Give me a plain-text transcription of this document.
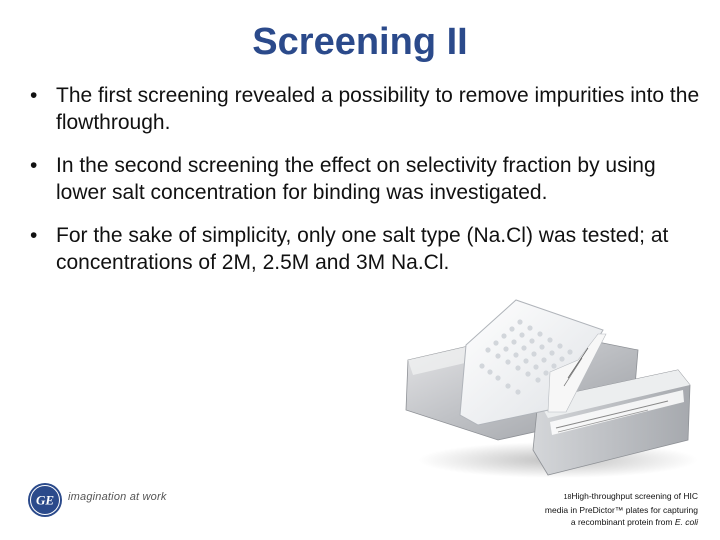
Screening II
• The first screening revealed a possibility to remove impurities into the flowthrough.
• In the second screening the effect on selectivity fraction by using lower salt concentration for binding was investigated.
• For the sake of simplicity, only one salt type (Na.Cl) was tested; at concentrations of 2M, 2.5M and 3M Na.Cl.
GE imagination at work	18High-throughput screening of HIC
media in PreDictor™ plates for capturing
a recombinant protein from E. coli
